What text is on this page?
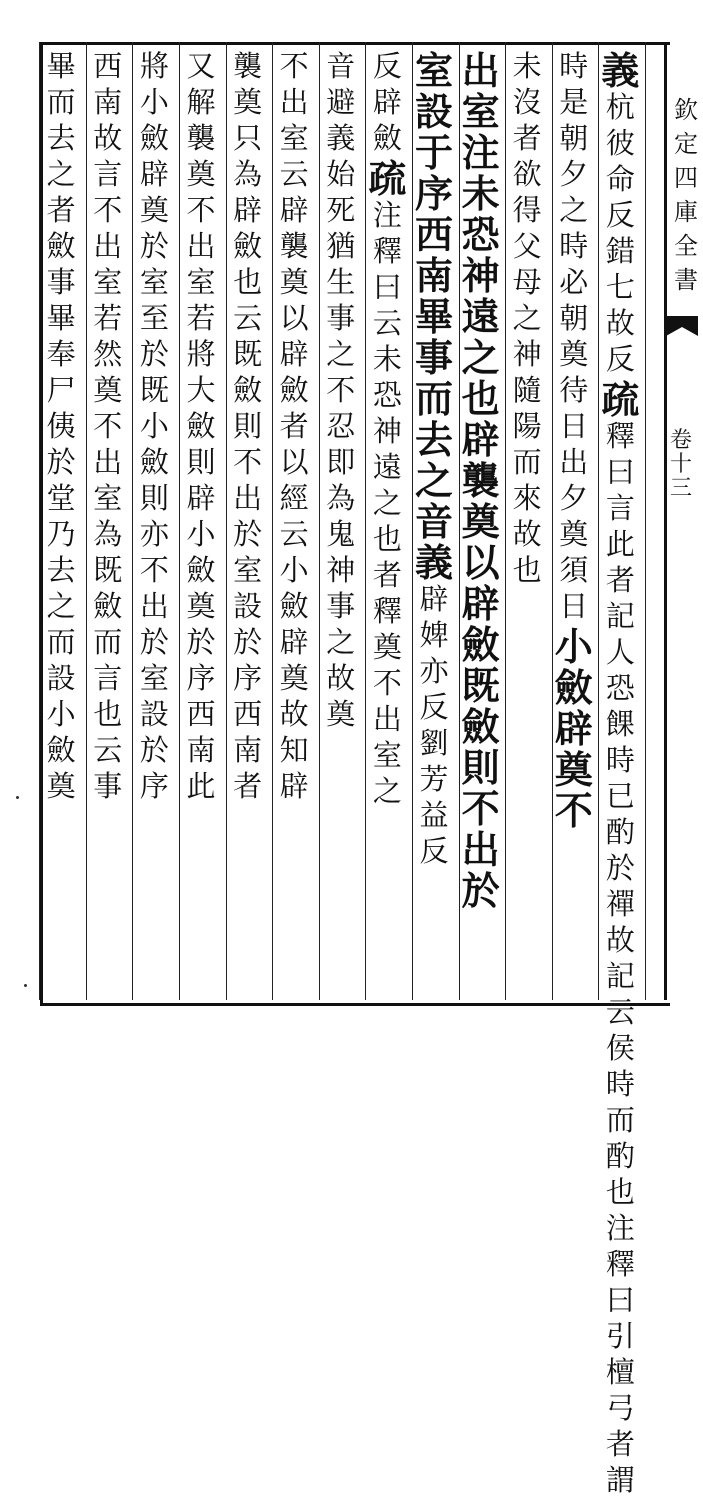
欽
定
四
庫
全
書
卷
十
三
義
杭
彼
命
反
錯
七
故
反
疏
釋
曰
言
此
者
記
人
恐
餜
時
已
酌
於
禪
故
記
云
侯
時
而
酌
也
注
釋
曰
引
檀
弓
者
謂
時
是
朝
夕
之
時
必
朝
奠
待
日
出
夕
奠
須
日
小
斂
辟
奠
不
未
沒
者
欲
得
父
母
之
神
隨
陽
而
來
故
也
出
室
注
未
恐
神
遠
之
也
辟
襲
奠
以
辟
斂
既
斂
則
不
出
於
室
設
于
序
西
南
畢
事
而
去
之
音
義
辟
婢
亦
反
劉
芳
益
反
反
辟
斂
疏
注
釋
曰
云
未
恐
神
遠
之
也
者
釋
奠
不
出
室
之
音
避
義
始
死
猶
生
事
之
不
忍
即
為
鬼
神
事
之
故
奠
不
出
室
云
辟
襲
奠
以
辟
斂
者
以
經
云
小
斂
辟
奠
故
知
辟
襲
奠
只
為
辟
斂
也
云
既
斂
則
不
出
於
室
設
於
序
西
南
者
又
解
襲
奠
不
出
室
若
將
大
斂
則
辟
小
斂
奠
於
序
西
南
此
將
小
斂
辟
奠
於
室
至
於
既
小
斂
則
亦
不
出
於
室
設
於
序
西
南
故
言
不
出
室
若
然
奠
不
出
室
為
既
斂
而
言
也
云
事
畢
而
去
之
者
斂
事
畢
奉
尸
侇
於
堂
乃
去
之
而
設
小
斂
奠
